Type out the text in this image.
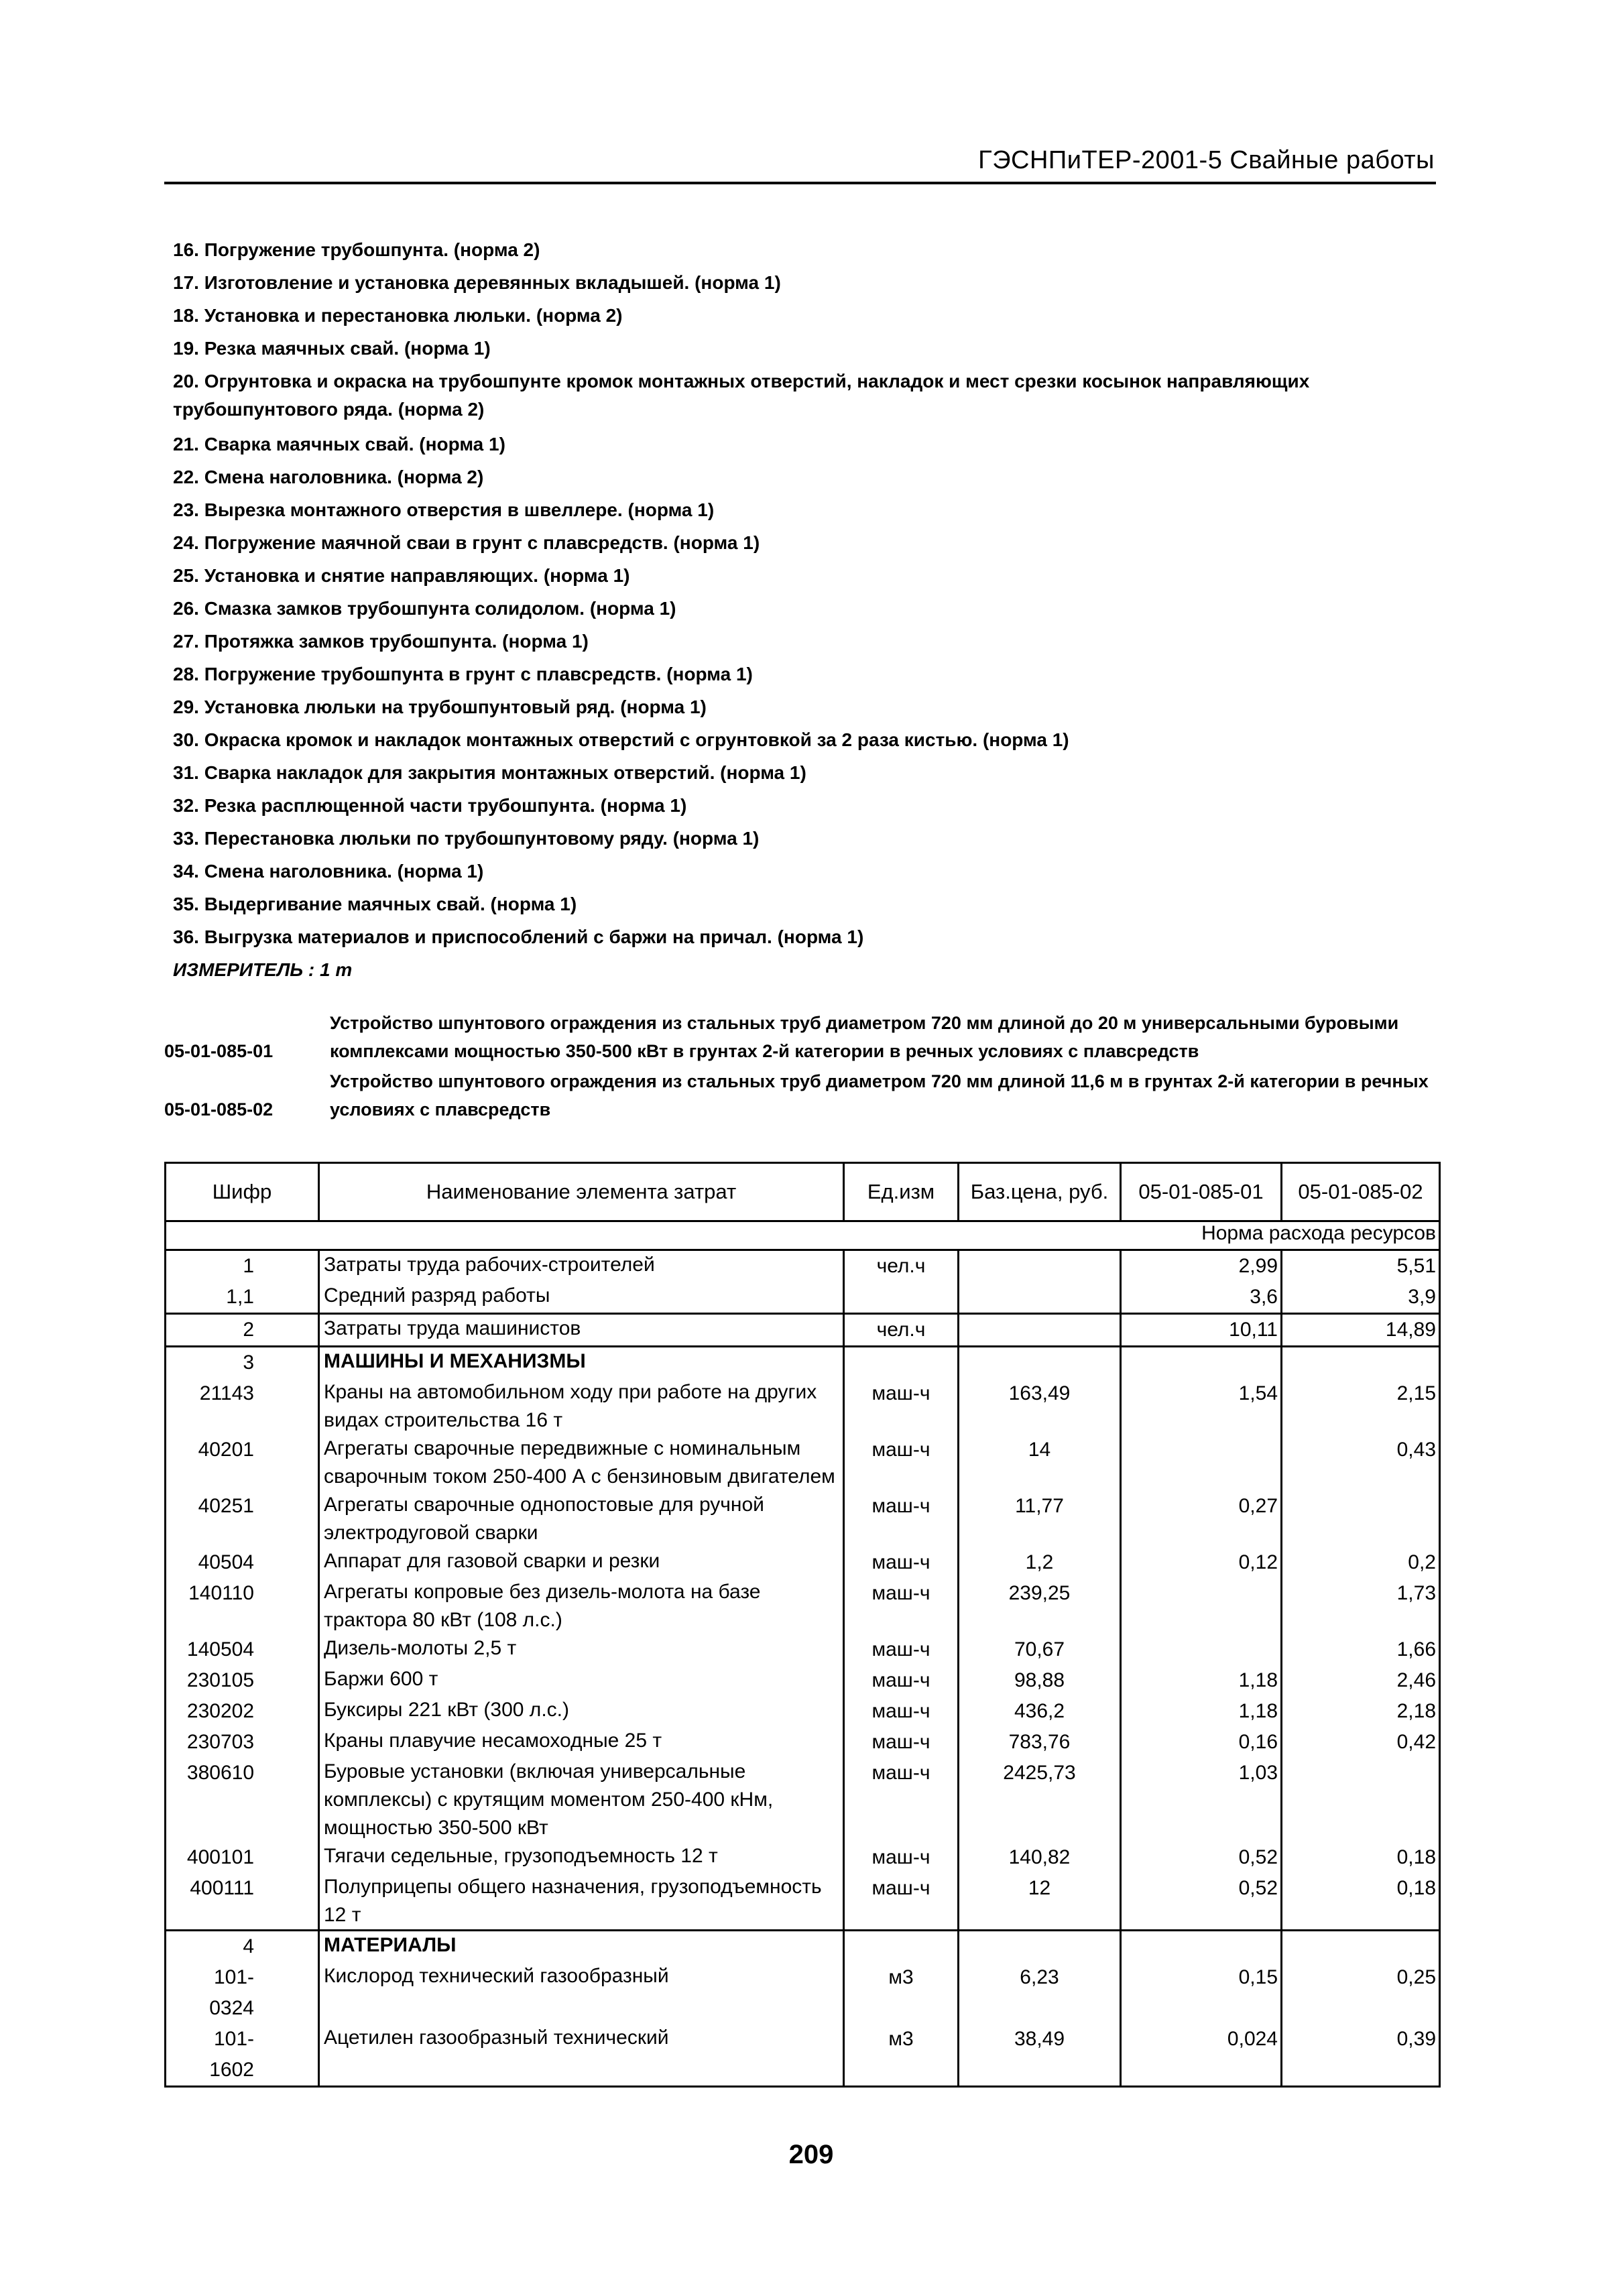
ГЭСНПиТЕР-2001-5 Свайные работы
16. Погружение трубошпунта. (норма 2)
17. Изготовление и установка деревянных вкладышей. (норма 1)
18. Установка и перестановка люльки. (норма 2)
19. Резка маячных свай. (норма 1)
20. Огрунтовка и окраска на трубошпунте кромок монтажных отверстий, накладок и мест срезки косынок направляющих трубошпунтового ряда. (норма 2)
21. Сварка маячных свай. (норма 1)
22. Смена наголовника. (норма 2)
23. Вырезка монтажного отверстия в швеллере. (норма 1)
24. Погружение маячной сваи в грунт с плавсредств. (норма 1)
25. Установка и снятие направляющих. (норма 1)
26. Смазка замков трубошпунта солидолом. (норма 1)
27. Протяжка замков трубошпунта. (норма 1)
28. Погружение трубошпунта в грунт с плавсредств. (норма 1)
29. Установка люльки на трубошпунтовый ряд. (норма 1)
30. Окраска кромок и накладок монтажных отверстий с огрунтовкой за 2 раза кистью. (норма 1)
31. Сварка накладок для закрытия монтажных отверстий. (норма 1)
32. Резка расплющенной части трубошпунта. (норма 1)
33. Перестановка люльки по трубошпунтовому ряду. (норма 1)
34. Смена наголовника. (норма 1)
35. Выдергивание маячных свай. (норма 1)
36. Выгрузка материалов и приспособлений с баржи на причал. (норма 1)
ИЗМЕРИТЕЛЬ : 1 т
05-01-085-01
Устройство шпунтового ограждения из стальных труб диаметром 720 мм длиной до 20 м универсальными буровыми комплексами мощностью 350-500 кВт в грунтах 2-й категории в речных условиях с плавсредств
05-01-085-02
Устройство шпунтового ограждения из стальных труб диаметром 720 мм длиной 11,6 м в грунтах 2-й категории в речных условиях с плавсредств
Шифр	Наименование элемента затрат	Ед.изм	Баз.цена, руб.	05-01-085-01	05-01-085-02
Норма расхода ресурсов					
1	Затраты труда рабочих-строителей	чел.ч		2,99	5,51
1,1	Средний разряд работы			3,6	3,9
2	Затраты труда машинистов	чел.ч		10,11	14,89
3	МАШИНЫ И МЕХАНИЗМЫ				
21143	Краны на автомобильном ходу при работе на других видах строительства 16 т	маш-ч	163,49	1,54	2,15
40201	Агрегаты сварочные передвижные с номинальным сварочным током 250-400 А с бензиновым двигателем	маш-ч	14		0,43
40251	Агрегаты сварочные однопостовые для ручной электродуговой сварки	маш-ч	11,77	0,27	
40504	Аппарат для газовой сварки и резки	маш-ч	1,2	0,12	0,2
140110	Агрегаты копровые без дизель-молота на базе трактора 80 кВт (108 л.с.)	маш-ч	239,25		1,73
140504	Дизель-молоты 2,5 т	маш-ч	70,67		1,66
230105	Баржи 600 т	маш-ч	98,88	1,18	2,46
230202	Буксиры 221 кВт (300 л.с.)	маш-ч	436,2	1,18	2,18
230703	Краны плавучие несамоходные 25 т	маш-ч	783,76	0,16	0,42
380610	Буровые установки (включая универсальные комплексы) с крутящим моментом 250-400 кНм, мощностью 350-500 кВт	маш-ч	2425,73	1,03	
400101	Тягачи седельные, грузоподъемность 12 т	маш-ч	140,82	0,52	0,18
400111	Полуприцепы общего назначения, грузоподъемность 12 т	маш-ч	12	0,52	0,18
4	МАТЕРИАЛЫ				
101-0324	Кислород технический газообразный	м3	6,23	0,15	0,25
101-1602	Ацетилен газообразный технический	м3	38,49	0,024	0,39
209
